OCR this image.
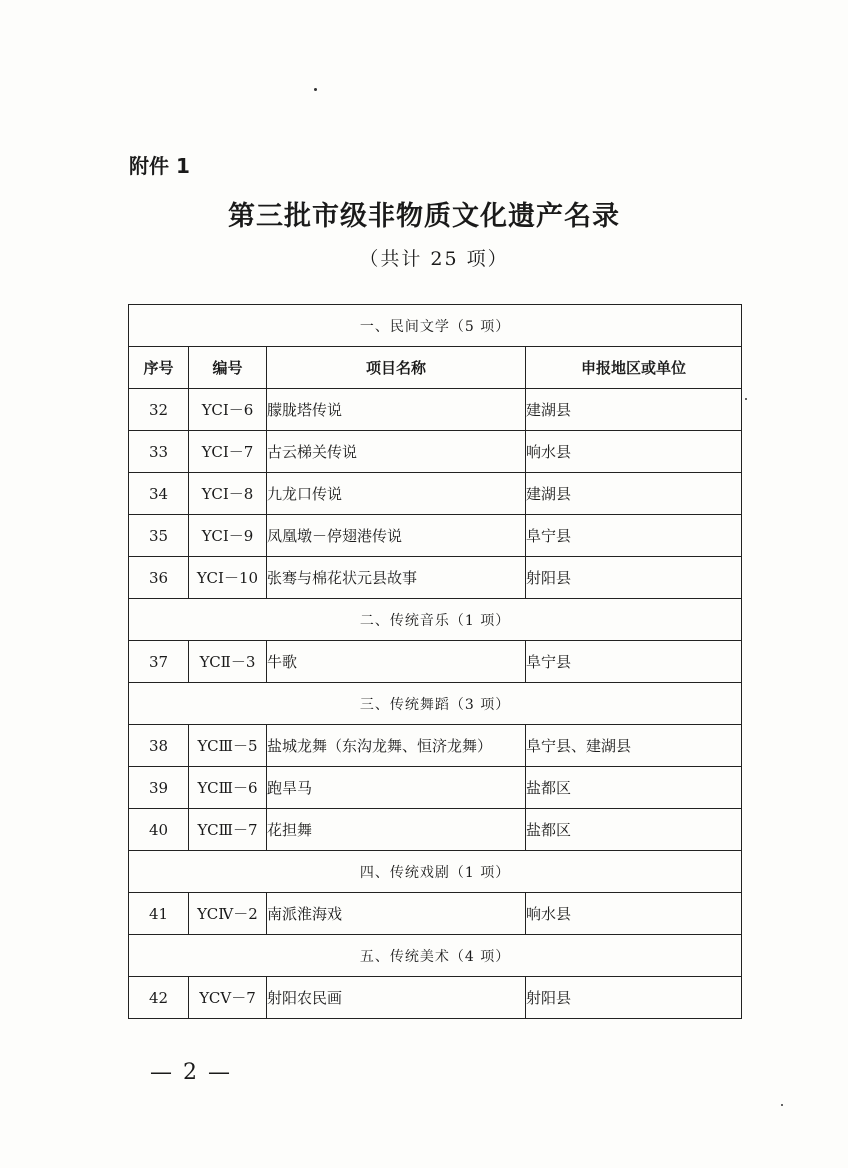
附件 1
第三批市级非物质文化遗产名录
（共计 25 项）
一、民间文学（5 项）			
序号	编号	项目名称	申报地区或单位
32	YCⅠ－6	朦胧塔传说	建湖县
33	YCⅠ－7	古云梯关传说	响水县
34	YCⅠ－8	九龙口传说	建湖县
35	YCⅠ－9	凤凰墩－停翅港传说	阜宁县
36	YCⅠ－10	张骞与棉花状元县故事	射阳县
二、传统音乐（1 项）			
37	YCⅡ－3	牛歌	阜宁县
三、传统舞蹈（3 项）			
38	YCⅢ－5	盐城龙舞（东沟龙舞、恒济龙舞）	阜宁县、建湖县
39	YCⅢ－6	跑旱马	盐都区
40	YCⅢ－7	花担舞	盐都区
四、传统戏剧（1 项）			
41	YCⅣ－2	南派淮海戏	响水县
五、传统美术（4 项）			
42	YCⅤ－7	射阳农民画	射阳县
— 2 —
